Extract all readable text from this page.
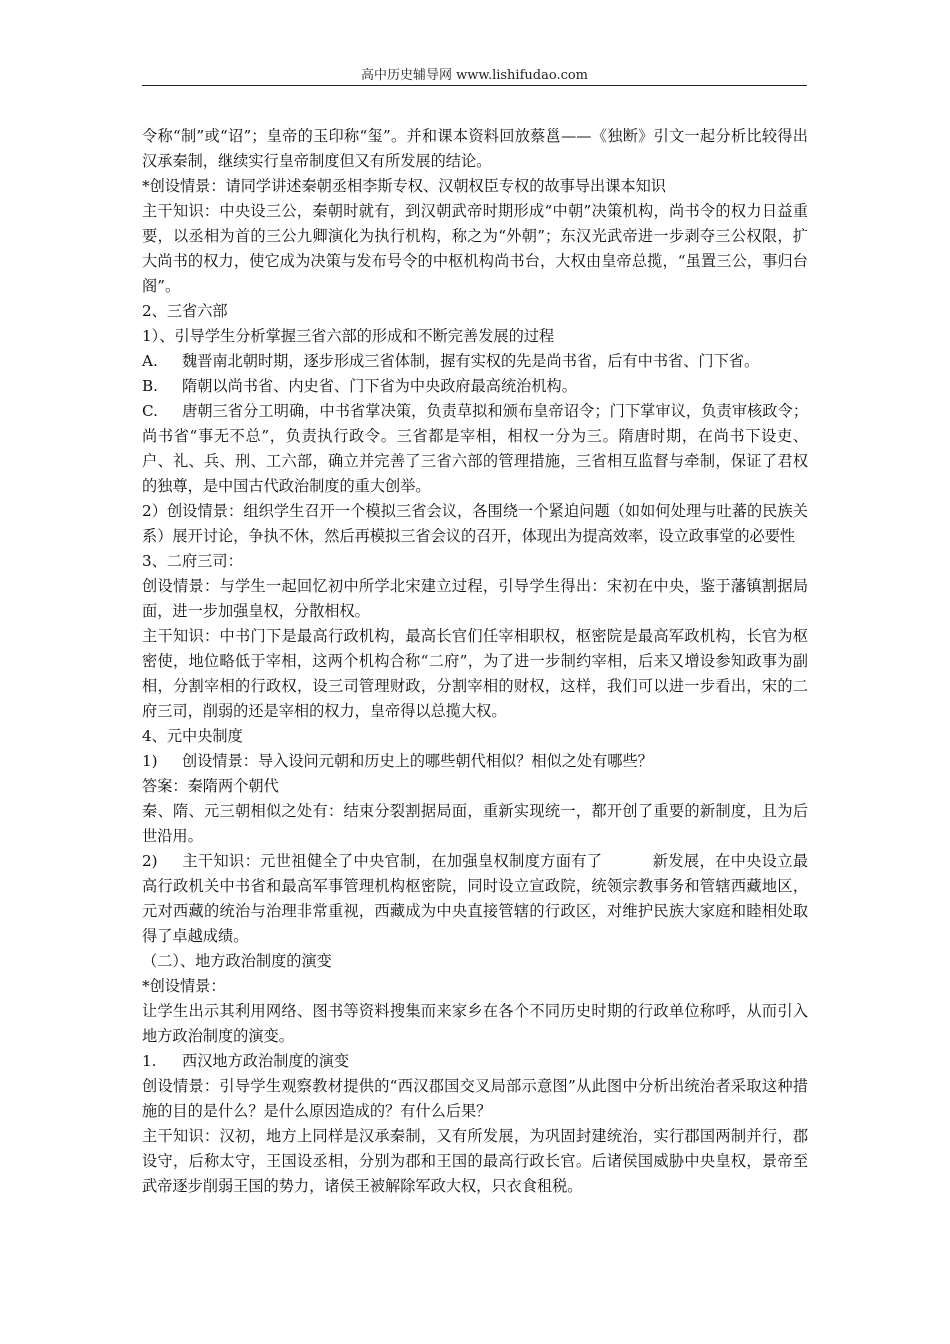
高中历史辅导网 www.lishifudao.com

令称“制”或“诏”；皇帝的玉印称“玺”。并和课本资料回放蔡邕——《独断》引文一起分析比较得出汉承秦制，继续实行皇帝制度但又有所发展的结论。

*创设情景：请同学讲述秦朝丞相李斯专权、汉朝权臣专权的故事导出课本知识

主干知识：中央设三公，秦朝时就有，到汉朝武帝时期形成“中朝”决策机构，尚书令的权力日益重要，以丞相为首的三公九卿演化为执行机构，称之为“外朝”；东汉光武帝进一步剥夺三公权限，扩大尚书的权力，使它成为决策与发布号令的中枢机构尚书台，大权由皇帝总揽，“虽置三公，事归台阁”。

2、三省六部

1）、引导学生分析掌握三省六部的形成和不断完善发展的过程

A. 魏晋南北朝时期，逐步形成三省体制，握有实权的先是尚书省，后有中书省、门下省。

B. 隋朝以尚书省、内史省、门下省为中央政府最高统治机构。

C. 唐朝三省分工明确，中书省掌决策，负责草拟和颁布皇帝诏令；门下掌审议，负责审核政令；尚书省“事无不总”，负责执行政令。三省都是宰相，相权一分为三。隋唐时期，在尚书下设吏、户、礼、兵、刑、工六部，确立并完善了三省六部的管理措施，三省相互监督与牵制，保证了君权的独尊，是中国古代政治制度的重大创举。

2）创设情景：组织学生召开一个模拟三省会议，各围绕一个紧迫问题（如如何处理与吐蕃的民族关系）展开讨论，争执不休，然后再模拟三省会议的召开，体现出为提高效率，设立政事堂的必要性

3、二府三司：

创设情景：与学生一起回忆初中所学北宋建立过程，引导学生得出：宋初在中央，鉴于藩镇割据局面，进一步加强皇权，分散相权。

主干知识：中书门下是最高行政机构，最高长官们任宰相职权，枢密院是最高军政机构，长官为枢密使，地位略低于宰相，这两个机构合称“二府”，为了进一步制约宰相，后来又增设参知政事为副相，分割宰相的行政权，设三司管理财政，分割宰相的财权，这样，我们可以进一步看出，宋的二府三司，削弱的还是宰相的权力，皇帝得以总揽大权。

4、元中央制度

1) 创设情景：导入设问元朝和历史上的哪些朝代相似？相似之处有哪些？

答案：秦隋两个朝代

秦、隋、元三朝相似之处有：结束分裂割据局面，重新实现统一，都开创了重要的新制度，且为后世沿用。

2) 主干知识：元世祖健全了中央官制，在加强皇权制度方面有了	新发展，在中央设立最高行政机关中书省和最高军事管理机构枢密院，同时设立宣政院，统领宗教事务和管辖西藏地区，元对西藏的统治与治理非常重视，西藏成为中央直接管辖的行政区，对维护民族大家庭和睦相处取得了卓越成绩。

（二）、地方政治制度的演变

*创设情景：

让学生出示其利用网络、图书等资料搜集而来家乡在各个不同历史时期的行政单位称呼，从而引入地方政治制度的演变。

1. 西汉地方政治制度的演变

创设情景：引导学生观察教材提供的“西汉郡国交叉局部示意图”从此图中分析出统治者采取这种措施的目的是什么？是什么原因造成的？有什么后果？

主干知识：汉初，地方上同样是汉承秦制，又有所发展，为巩固封建统治，实行郡国两制并行，郡设守，后称太守，王国设丞相，分别为郡和王国的最高行政长官。后诸侯国威胁中央皇权，景帝至武帝逐步削弱王国的势力，诸侯王被解除军政大权，只衣食租税。
